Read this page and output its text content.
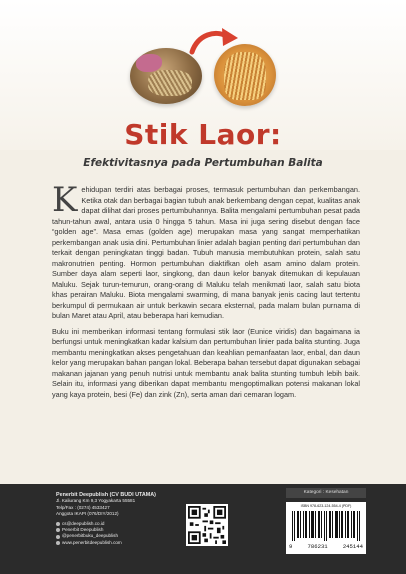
Stik Laor:
Efektivitasnya pada Pertumbuhan Balita

K ehidupan terdiri atas berbagai proses, termasuk pertumbuhan dan perkembangan. Ketika otak dan berbagai bagian tubuh anak berkembang dengan cepat, kualitas anak dapat dilihat dari proses pertumbuhannya. Balita mengalami pertumbuhan pesat pada tahun-tahun awal, antara usia 0 hingga 5 tahun. Masa ini juga sering disebut dengan face “golden age”. Masa emas (golden age) merupakan masa yang sangat memperhatikan perkembangan anak usia dini. Pertumbuhan linier adalah bagian penting dari pertumbuhan dan terkait dengan peningkatan tinggi badan. Tubuh manusia membutuhkan protein, salah satu makronutrien penting. Hormon pertumbuhan diaktifkan oleh asam amino dalam protein. Sumber daya alam seperti laor, singkong, dan daun kelor banyak ditemukan di kepulauan Maluku. Sejak turun-temurun, orang-orang di Maluku telah menikmati laor, salah satu biota khas perairan Maluku. Biota mengalami swarming, di mana banyak jenis cacing laut tertentu berkumpul di permukaan air untuk berkawin secara eksternal, pada malam bulan purnama di bulan Maret atau April, atau beberapa hari kemudian.

Buku ini memberikan informasi tentang formulasi stik laor (Eunice viridis) dan bagaimana ia berfungsi untuk meningkatkan kadar kalsium dan pertumbuhan linier pada balita stunting. Juga membantu meningkatkan akses pengetahuan dan keahlian pemanfaatan laor, enbal, dan daun kelor yang merupakan bahan pangan lokal. Beberapa bahan tersebut dapat digunakan sebagai makanan jajanan yang penuh nutrisi untuk membantu anak balita stunting tumbuh lebih baik. Selain itu, informasi yang diberikan dapat membantu mengoptimalkan potensi makanan lokal yang kaya protein, besi (Fe) dan zink (Zn), serta aman dari cemaran logam.

Penerbit Deepublish (CV BUDI UTAMA)
Jl. Kaliurang Km 9,3 Yogyakarta 55581
Telp/Fax : (0274) 4533427
Anggota IKAPI (076/DIY/2012)
cs@deepublish.co.id
Penerbit Deepublish
@penerbitbuku_deepublish
www.penerbitdeepublish.com
Kategori : Kesehatan
ISBN 978-623-124-554-4 (PDF)
9	786231	245144
